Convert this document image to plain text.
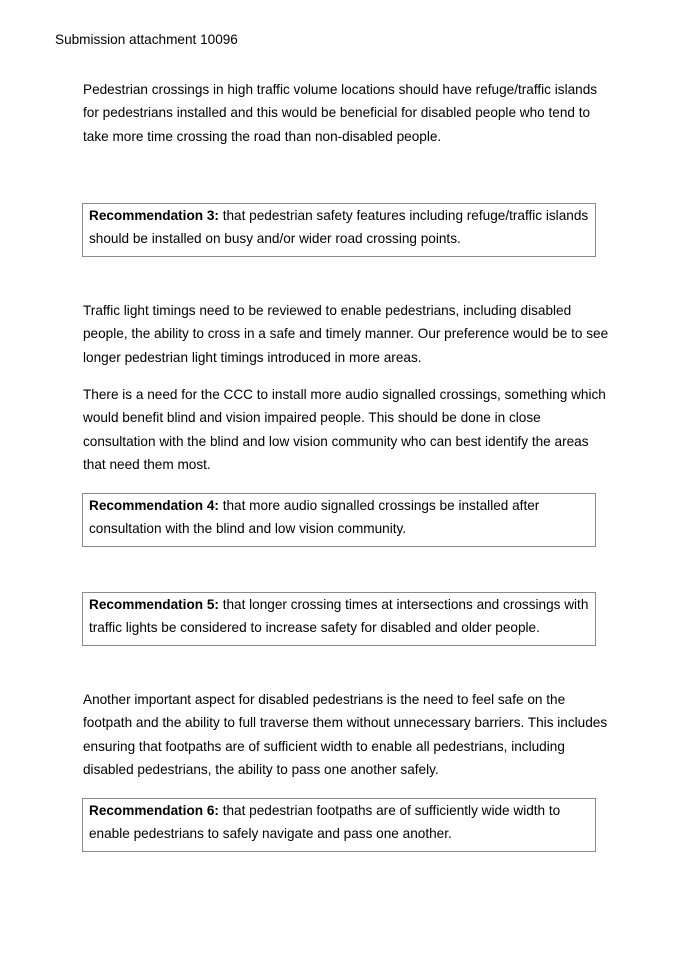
Submission attachment 10096

Pedestrian crossings in high traffic volume locations should have refuge/traffic islands for pedestrians installed and this would be beneficial for disabled people who tend to take more time crossing the road than non-disabled people.

Recommendation 3: that pedestrian safety features including refuge/traffic islands should be installed on busy and/or wider road crossing points.

Traffic light timings need to be reviewed to enable pedestrians, including disabled people, the ability to cross in a safe and timely manner. Our preference would be to see longer pedestrian light timings introduced in more areas.

There is a need for the CCC to install more audio signalled crossings, something which would benefit blind and vision impaired people. This should be done in close consultation with the blind and low vision community who can best identify the areas that need them most.

Recommendation 4: that more audio signalled crossings be installed after consultation with the blind and low vision community.

Recommendation 5: that longer crossing times at intersections and crossings with traffic lights be considered to increase safety for disabled and older people.

Another important aspect for disabled pedestrians is the need to feel safe on the footpath and the ability to full traverse them without unnecessary barriers. This includes ensuring that footpaths are of sufficient width to enable all pedestrians, including disabled pedestrians, the ability to pass one another safely.

Recommendation 6: that pedestrian footpaths are of sufficiently wide width to enable pedestrians to safely navigate and pass one another.
